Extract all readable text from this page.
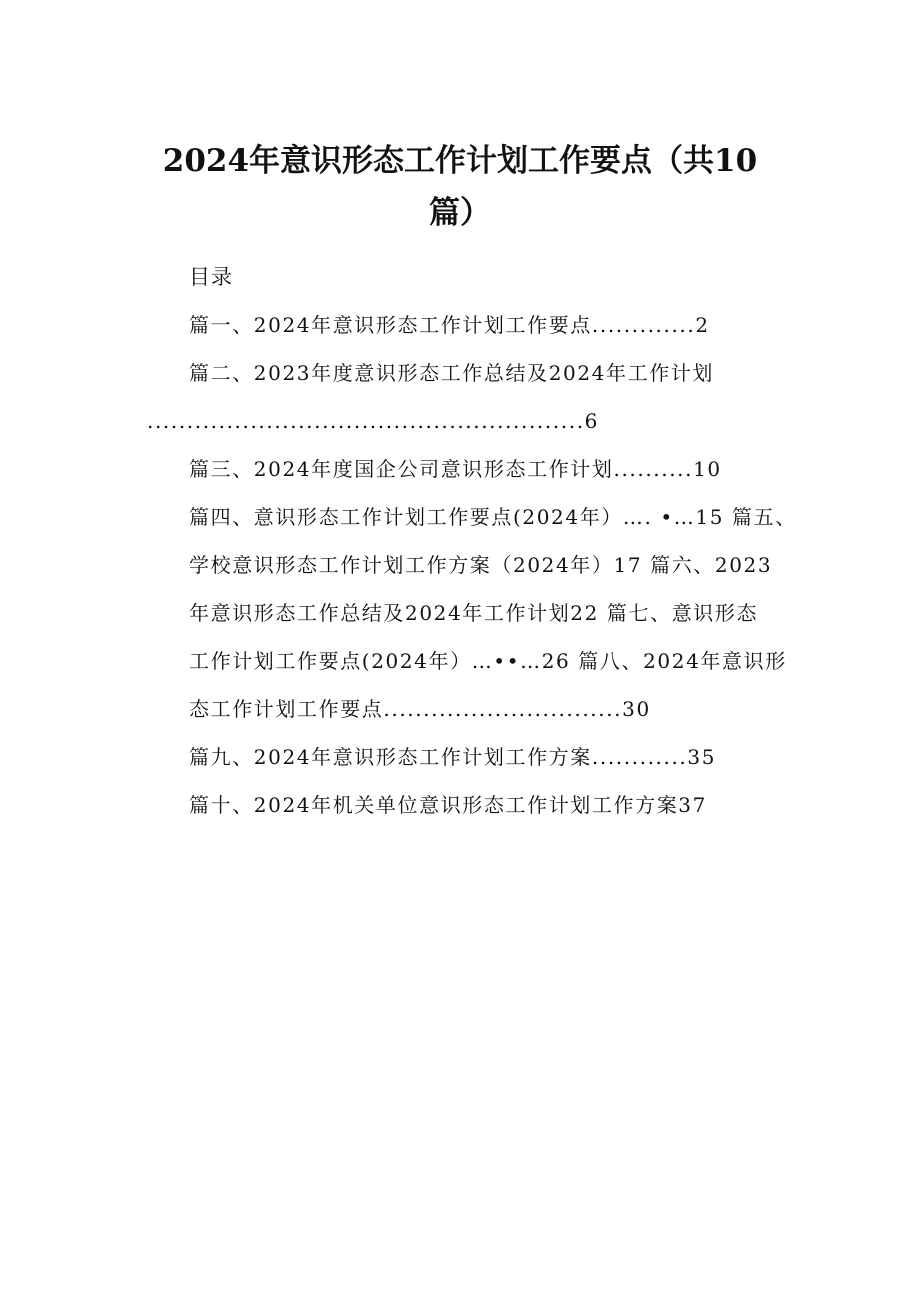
2024年意识形态工作计划工作要点（共10
篇）
目录
篇一、2024年意识形态工作计划工作要点.............2
篇二、2023年度意识形态工作总结及2024年工作计划
.......................................................6
篇三、2024年度国企公司意识形态工作计划..........10
篇四、意识形态工作计划工作要点(2024年）…. •…15 篇五、
学校意识形态工作计划工作方案（2024年）17 篇六、2023
年意识形态工作总结及2024年工作计划22 篇七、意识形态
工作计划工作要点(2024年）…••…26 篇八、2024年意识形
态工作计划工作要点..............................30
篇九、2024年意识形态工作计划工作方案............35
篇十、2024年机关单位意识形态工作计划工作方案37
